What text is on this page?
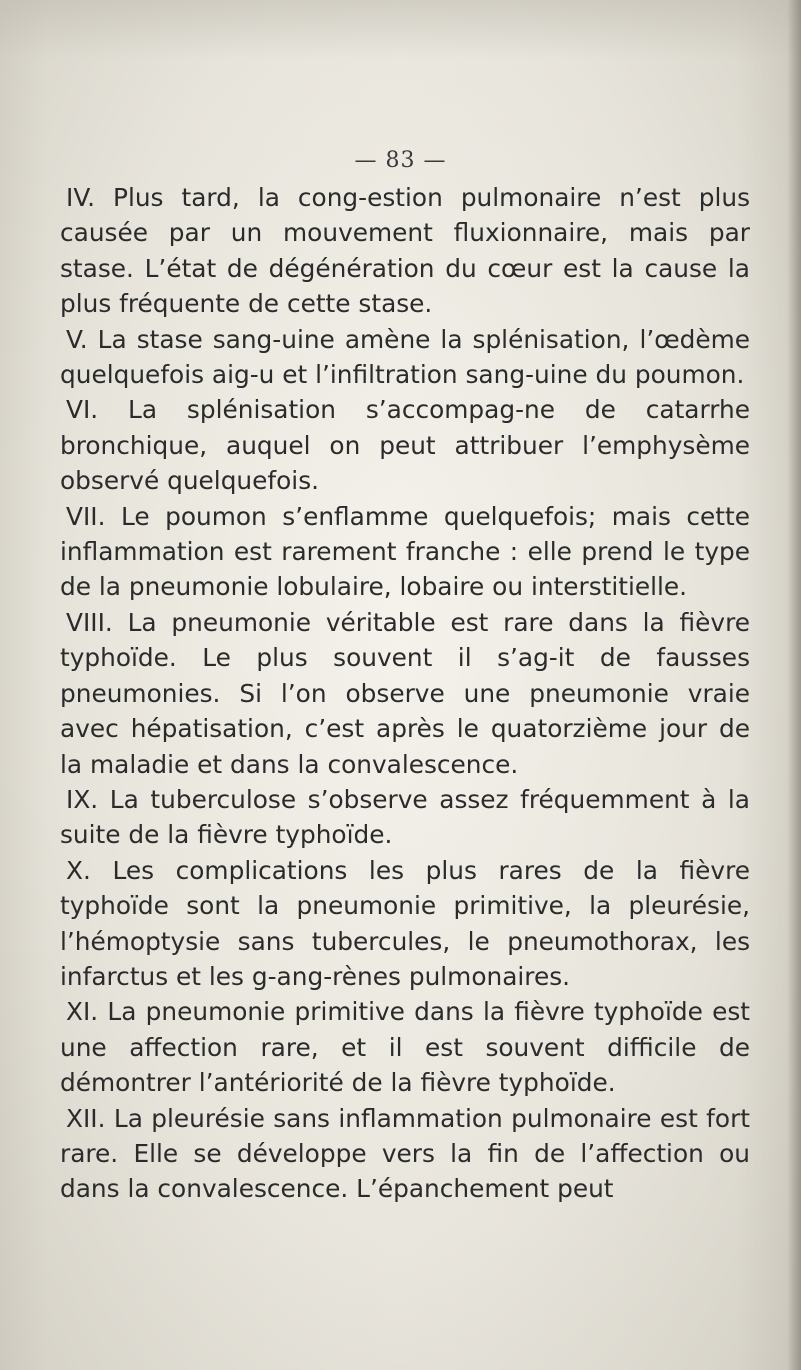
— 83 —

IV. Plus tard, la cong‑estion pulmonaire n’est plus causée par un mouvement fluxionnaire, mais par stase. L’état de dégénération du cœur est la cause la plus fréquente de cette stase.

V. La stase sang‑uine amène la splénisation, l’œdème quelquefois aig‑u et l’infiltration sang‑uine du poumon.

VI. La splénisation s’accompag‑ne de catarrhe bronchique, auquel on peut attribuer l’emphysème observé quelquefois.

VII. Le poumon s’enflamme quelquefois; mais cette inflammation est rarement franche : elle prend le type de la pneumonie lobulaire, lobaire ou interstitielle.

VIII. La pneumonie véritable est rare dans la fièvre typhoïde. Le plus souvent il s’ag‑it de fausses pneumonies. Si l’on observe une pneumonie vraie avec hépatisation, c’est après le quatorzième jour de la maladie et dans la convalescence.

IX. La tuberculose s’observe assez fréquemment à la suite de la fièvre typhoïde.

X. Les complications les plus rares de la fièvre typhoïde sont la pneumonie primitive, la pleurésie, l’hémoptysie sans tubercules, le pneumothorax, les infarctus et les g‑ang‑rènes pulmonaires.

XI. La pneumonie primitive dans la fièvre typhoïde est une affection rare, et il est souvent difficile de démontrer l’antériorité de la fièvre typhoïde.

XII. La pleurésie sans inflammation pulmonaire est fort rare. Elle se développe vers la fin de l’affection ou dans la convalescence. L’épanchement peut
